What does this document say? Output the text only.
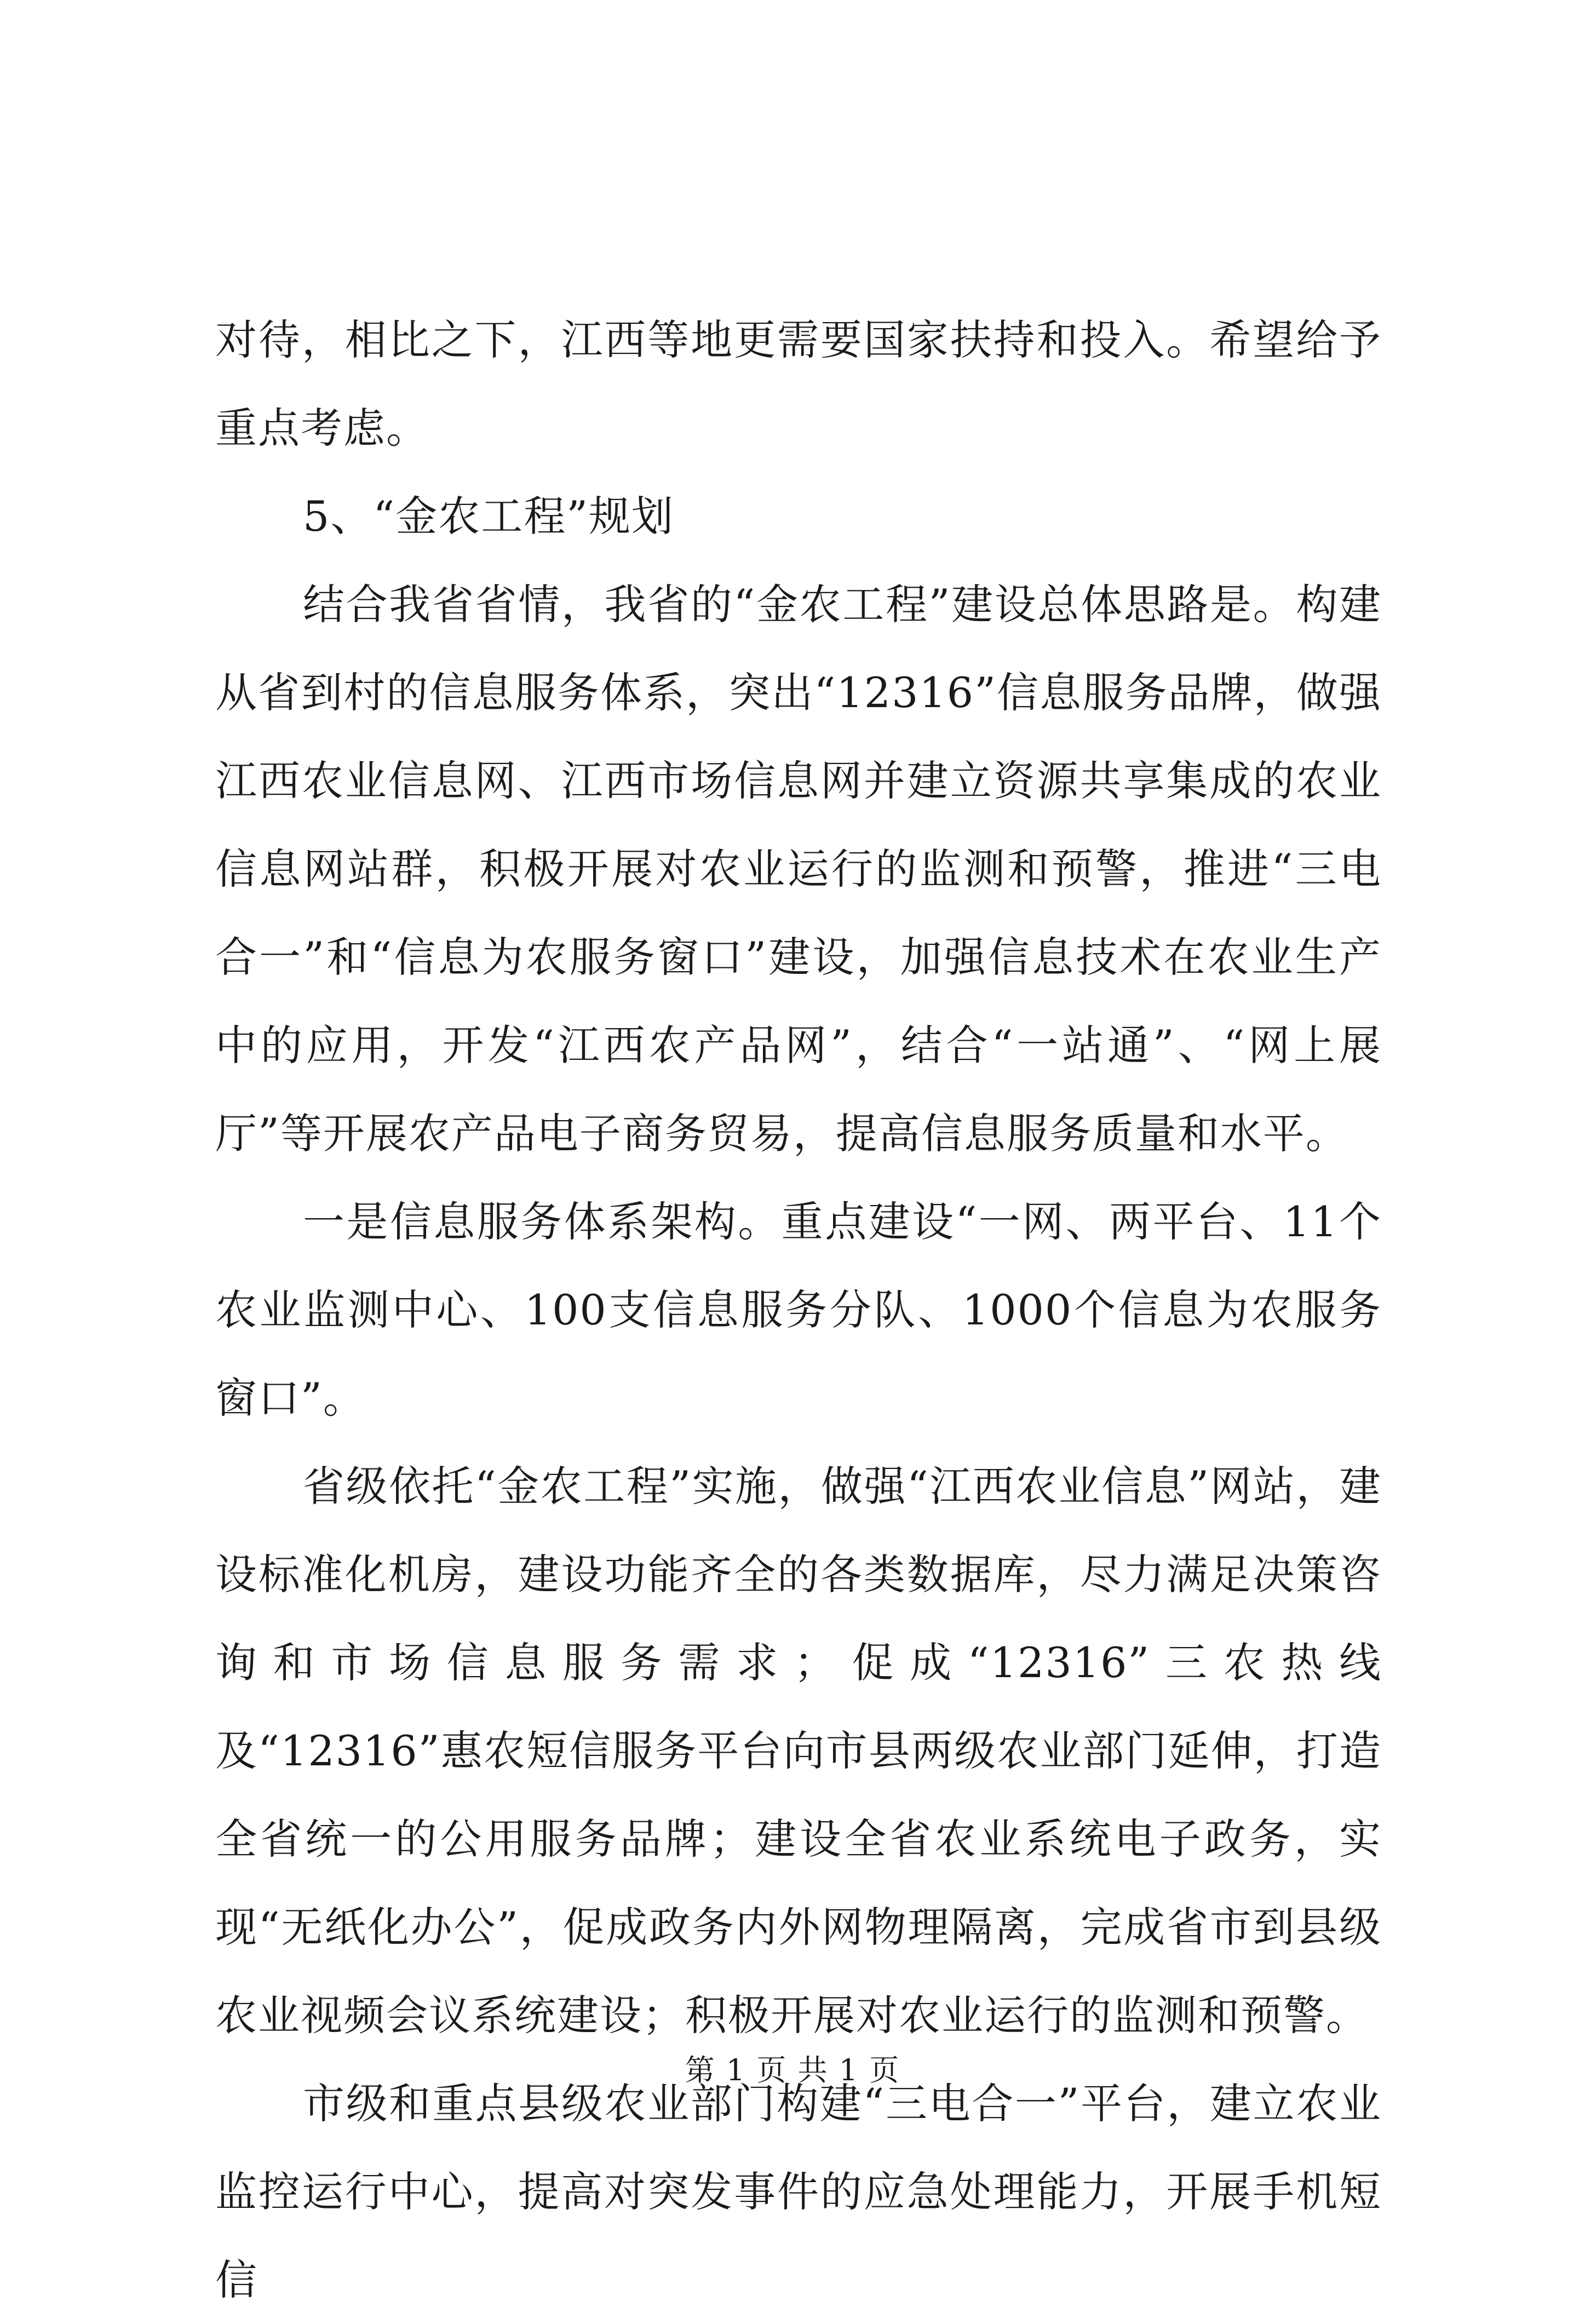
对待，相比之下，江西等地更需要国家扶持和投入。希望给予重点考虑。

5、“金农工程”规划

结合我省省情，我省的“金农工程”建设总体思路是。构建从省到村的信息服务体系，突出“12316”信息服务品牌，做强江西农业信息网、江西市场信息网并建立资源共享集成的农业信息网站群，积极开展对农业运行的监测和预警，推进“三电合一”和“信息为农服务窗口”建设，加强信息技术在农业生产中的应用，开发“江西农产品网”，结合“一站通”、“网上展厅”等开展农产品电子商务贸易，提高信息服务质量和水平。

一是信息服务体系架构。重点建设“一网、两平台、11个农业监测中心、100支信息服务分队、1000个信息为农服务窗口”。

省级依托“金农工程”实施，做强“江西农业信息”网站，建设标准化机房，建设功能齐全的各类数据库，尽力满足决策咨询和市场信息服务需求；促成“12316”三农热线及“12316”惠农短信服务平台向市县两级农业部门延伸，打造全省统一的公用服务品牌；建设全省农业系统电子政务，实现“无纸化办公”，促成政务内外网物理隔离，完成省市到县级农业视频会议系统建设；积极开展对农业运行的监测和预警。

市级和重点县级农业部门构建“三电合一”平台，建立农业监控运行中心，提高对突发事件的应急处理能力，开展手机短信

第 1 页 共 1 页
